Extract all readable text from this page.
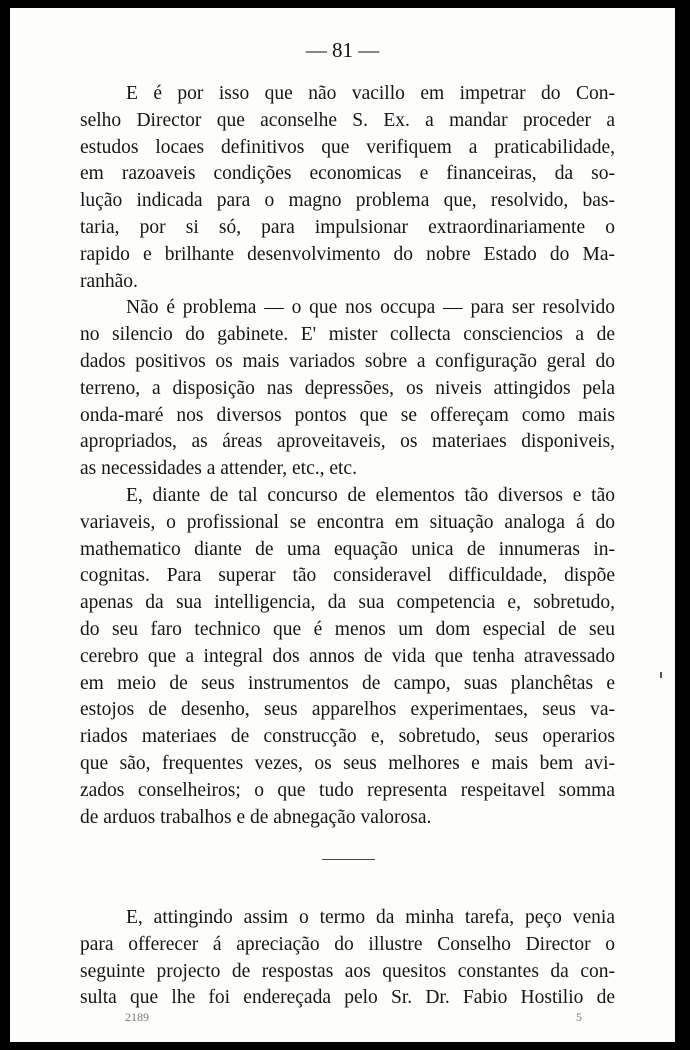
— 81 —
E é por isso que não vacillo em impetrar do Con-
selho Director que aconselhe S. Ex. a mandar proceder a
estudos locaes definitivos que verifiquem a praticabilidade,
em razoaveis condições economicas e financeiras, da so-
lução indicada para o magno problema que, resolvido, bas-
taria, por si só, para impulsionar extraordinariamente o
rapido e brilhante desenvolvimento do nobre Estado do Ma-
ranhão.
Não é problema — o que nos occupa — para ser resolvido
no silencio do gabinete. E' mister collecta consciencios a de
dados positivos os mais variados sobre a configuração geral do
terreno, a disposição nas depressões, os niveis attingidos pela
onda-maré nos diversos pontos que se offereçam como mais
apropriados, as áreas aproveitaveis, os materiaes disponiveis,
as necessidades a attender, etc., etc.
E, diante de tal concurso de elementos tão diversos e tão
variaveis, o profissional se encontra em situação analoga á do
mathematico diante de uma equação unica de innumeras in-
cognitas. Para superar tão consideravel difficuldade, dispõe
apenas da sua intelligencia, da sua competencia e, sobretudo,
do seu faro technico que é menos um dom especial de seu
cerebro que a integral dos annos de vida que tenha atravessado
em meio de seus instrumentos de campo, suas planchêtas e
estojos de desenho, seus apparelhos experimentaes, seus va-
riados materiaes de construcção e, sobretudo, seus operarios
que são, frequentes vezes, os seus melhores e mais bem avi-
zados conselheiros; o que tudo representa respeitavel somma
de arduos trabalhos e de abnegação valorosa.
E, attingindo assim o termo da minha tarefa, peço venia
para offerecer á apreciação do illustre Conselho Director o
seguinte projecto de respostas aos quesitos constantes da con-
sulta que lhe foi endereçada pelo Sr. Dr. Fabio Hostilio de
2189	5
